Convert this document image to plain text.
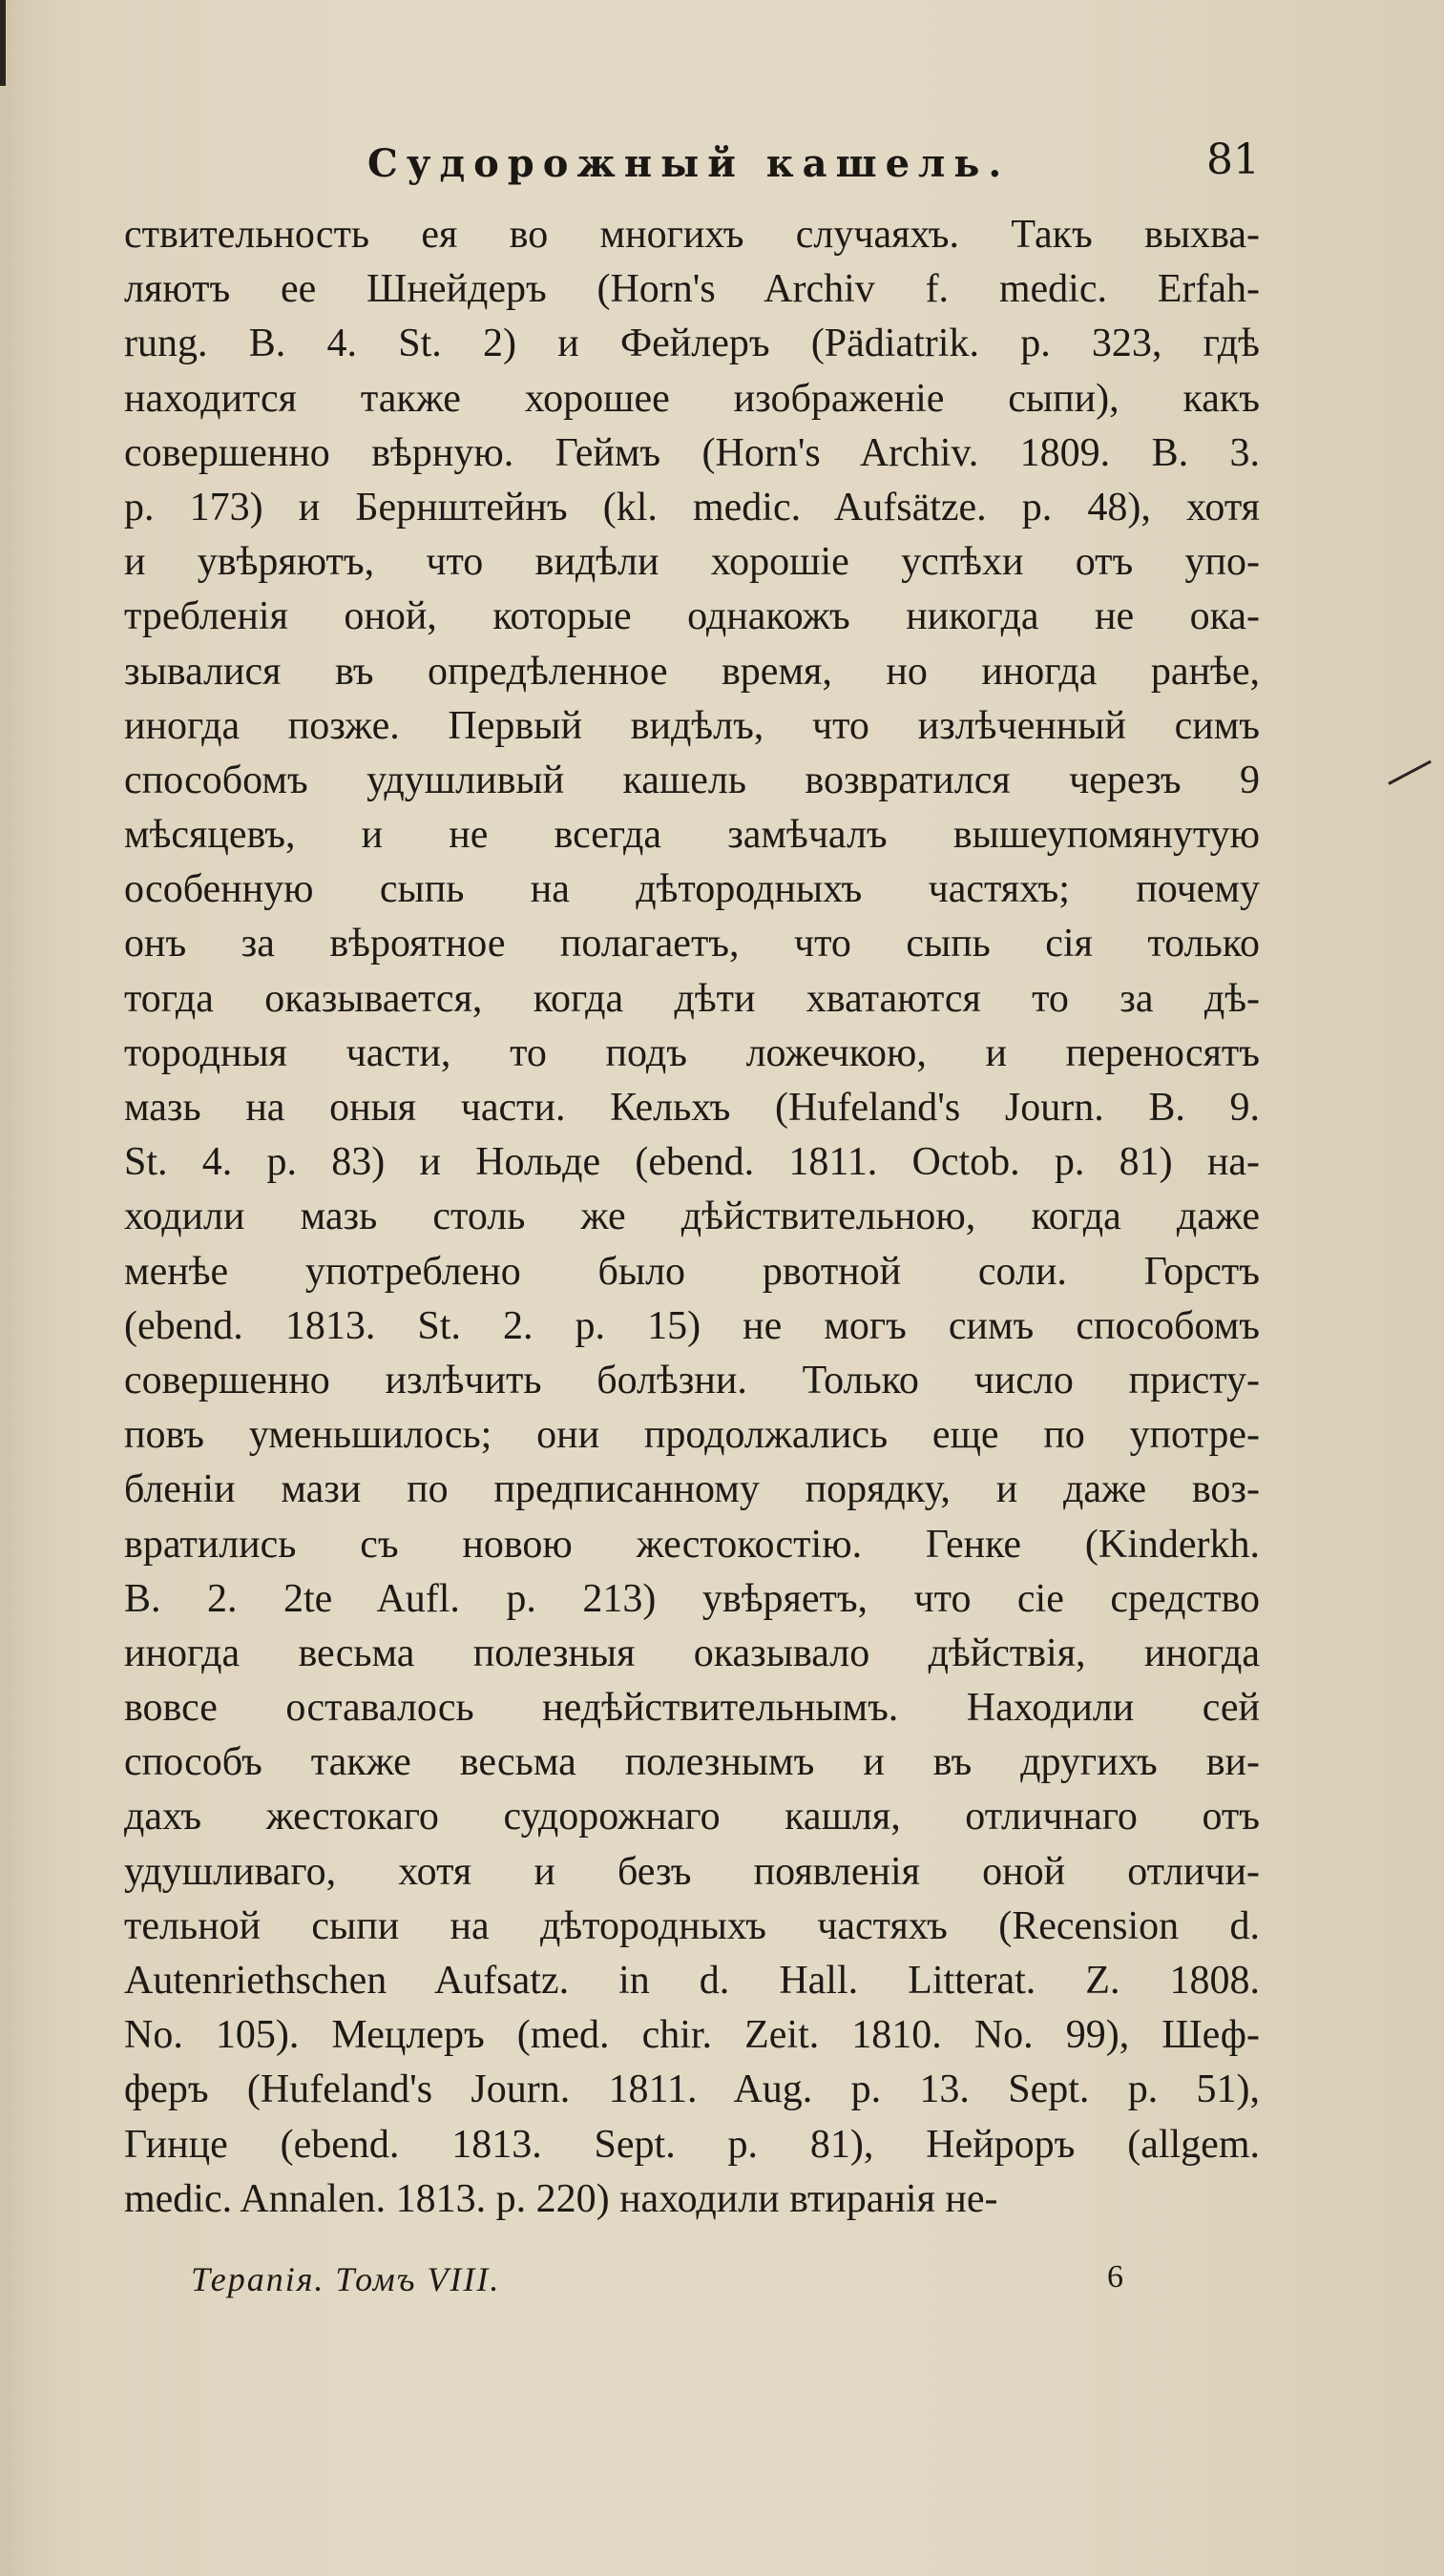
Судорожный кашель.	81
ствительность ея во многихъ случаяхъ. Такъ выхва-
ляютъ ее Шнейдеръ (Horn's Archiv f. medic. Erfah-
rung. B. 4. St. 2) и Фейлеръ (Pädiatrik. p. 323, гдѣ
находится также хорошее изображеніе сыпи), какъ
совершенно вѣрную. Геймъ (Horn's Archiv. 1809. B. 3.
p. 173) и Бернштейнъ (kl. medic. Aufsätze. p. 48), хотя
и увѣряютъ, что видѣли хорошіе успѣхи отъ упо-
требленія оной, которые однакожъ никогда не ока-
зывалися въ опредѣленное время, но иногда ранѣе,
иногда позже. Первый видѣлъ, что излѣченный симъ
способомъ удушливый кашель возвратился черезъ 9
мѣсяцевъ, и не всегда замѣчалъ вышеупомянутую
особенную сыпь на дѣтородныхъ частяхъ; почему
онъ за вѣроятное полагаетъ, что сыпь сія только
тогда оказывается, когда дѣти хватаются то за дѣ-
тородныя части, то подъ ложечкою, и переносятъ
мазь на оныя части. Кельхъ (Hufeland's Journ. B. 9.
St. 4. p. 83) и Нольде (ebend. 1811. Octob. p. 81) на-
ходили мазь столь же дѣйствительною, когда даже
менѣе употреблено было рвотной соли. Горстъ
(ebend. 1813. St. 2. p. 15) не могъ симъ способомъ
совершенно излѣчить болѣзни. Только число присту-
повъ уменьшилось; они продолжались еще по употре-
бленіи мази по предписанному порядку, и даже воз-
вратились съ новою жестокостію. Генке (Kinderkh.
B. 2. 2te Aufl. p. 213) увѣряетъ, что сіе средство
иногда весьма полезныя оказывало дѣйствія, иногда
вовсе оставалось недѣйствительнымъ. Находили сей
способъ также весьма полезнымъ и въ другихъ ви-
дахъ жестокаго судорожнаго кашля, отличнаго отъ
удушливаго, хотя и безъ появленія оной отличи-
тельной сыпи на дѣтородныхъ частяхъ (Recension d.
Autenriethschen Aufsatz. in d. Hall. Litterat. Z. 1808.
No. 105). Мецлеръ (med. chir. Zeit. 1810. No. 99), Шеф-
феръ (Hufeland's Journ. 1811. Aug. p. 13. Sept. p. 51),
Гинце (ebend. 1813. Sept. p. 81), Нейроръ (allgem.
medic. Annalen. 1813. p. 220) находили втиранія не-
Терапія. Томъ VIII.	6
